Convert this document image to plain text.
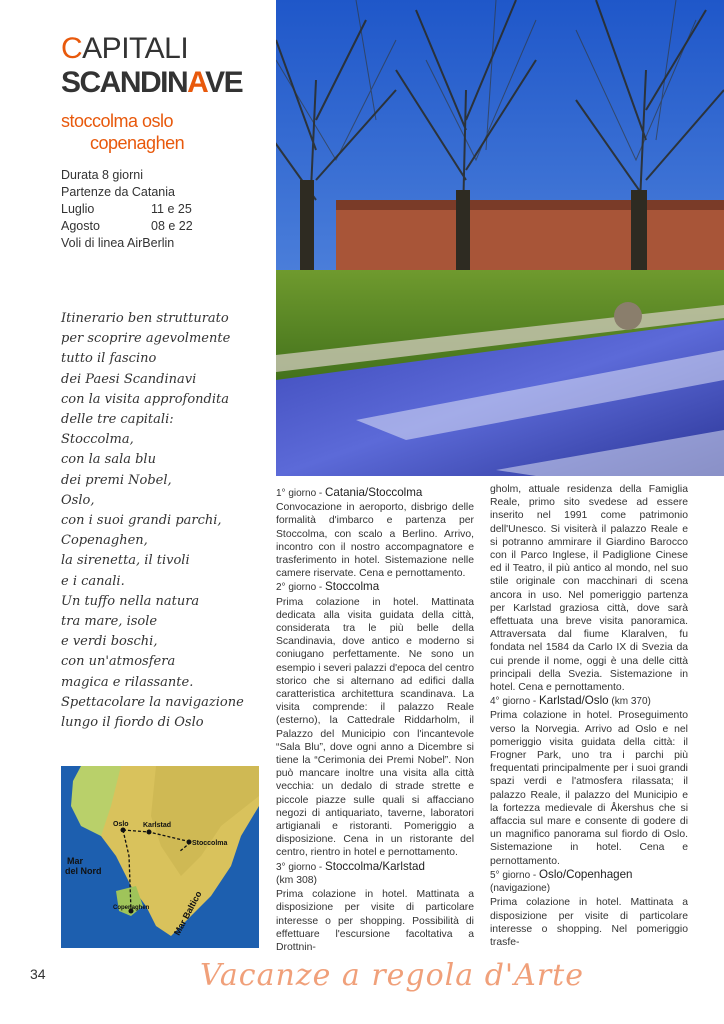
CAPITALI
SCANDINAVE
stoccolma oslo
copenaghen
Durata 8 giorni
Partenze da Catania
Luglio	11 e 25
Agosto	08 e 22
Voli di linea AirBerlin
Itinerario ben strutturato
per scoprire agevolmente
tutto il fascino
dei Paesi Scandinavi
con la visita approfondita
delle tre capitali:
Stoccolma,
con la sala blu
dei premi Nobel,
Oslo,
con i suoi grandi parchi,
Copenaghen,
la sirenetta, il tivoli
e i canali.
Un tuffo nella natura
tra mare, isole
e verdi boschi,
con un'atmosfera
magica e rilassante.
Spettacolare la navigazione
lungo il fiordo di Oslo
Oslo Karlstad
Stoccolma
Copenaghen
Mar
del Nord
Mar Baltico
1° giorno - Catania/Stoccolma

Convocazione in aeroporto, disbrigo delle formalità d'imbarco e partenza per Stoccolma, con scalo a Berlino. Arrivo, incontro con il nostro accompagnatore e trasferimento in hotel. Sistemazione nelle camere riservate. Cena e pernottamento.

2° giorno - Stoccolma

Prima colazione in hotel. Mattinata dedicata alla visita guidata della città, considerata tra le più belle della Scandinavia, dove antico e moderno si coniugano perfettamente. Ne sono un esempio i severi palazzi d'epoca del centro storico che si alternano ad edifici dalla caratteristica architettura scandinava. La visita comprende: il palazzo Reale (esterno), la Cattedrale Riddarholm, il Palazzo del Municipio con l'incantevole “Sala Blu”, dove ogni anno a Dicembre si tiene la “Cerimonia dei Premi Nobel”. Non può mancare inoltre una visita alla città vecchia: un dedalo di strade strette e piccole piazze sulle quali si affacciano negozi di antiquariato, taverne, laboratori artigianali e ristoranti. Pomeriggio a disposizione. Cena in un ristorante del centro, rientro in hotel e pernottamento.

3° giorno - Stoccolma/Karlstad
(km 308)

Prima colazione in hotel. Mattinata a disposizione per visite di particolare interesse o per shopping. Possibilità di effettuare l'escursione facoltativa a Drottnin-

gholm, attuale residenza della Famiglia Reale, primo sito svedese ad essere inserito nel 1991 come patrimonio dell'Unesco. Si visiterà il palazzo Reale e si potranno ammirare il Giardino Barocco con il Parco Inglese, il Padiglione Cinese ed il Teatro, il più antico al mondo, nel suo stile originale con macchinari di scena ancora in uso. Nel pomeriggio partenza per Karlstad graziosa città, dove sarà effettuata una breve visita panoramica. Attraversata dal fiume Klaralven, fu fondata nel 1584 da Carlo IX di Svezia da cui prende il nome, oggi è una delle città principali della Svezia. Sistemazione in hotel. Cena e pernottamento.

4° giorno - Karlstad/Oslo (km 370)

Prima colazione in hotel. Proseguimento verso la Norvegia. Arrivo ad Oslo e nel pomeriggio visita guidata della città: il Frogner Park, uno tra i parchi più frequentati principalmente per i suoi grandi spazi verdi e l'atmosfera rilassata; il palazzo Reale, il palazzo del Municipio e la fortezza medievale di Åkershus che si affaccia sul mare e consente di godere di un magnifico panorama sul fiordo di Oslo. Sistemazione in hotel. Cena e pernottamento.

5° giorno - Oslo/Copenhagen
(navigazione)

Prima colazione in hotel. Mattinata a disposizione per visite di particolare interesse o shopping. Nel pomeriggio trasfe-

34	Vacanze a regola d'Arte
